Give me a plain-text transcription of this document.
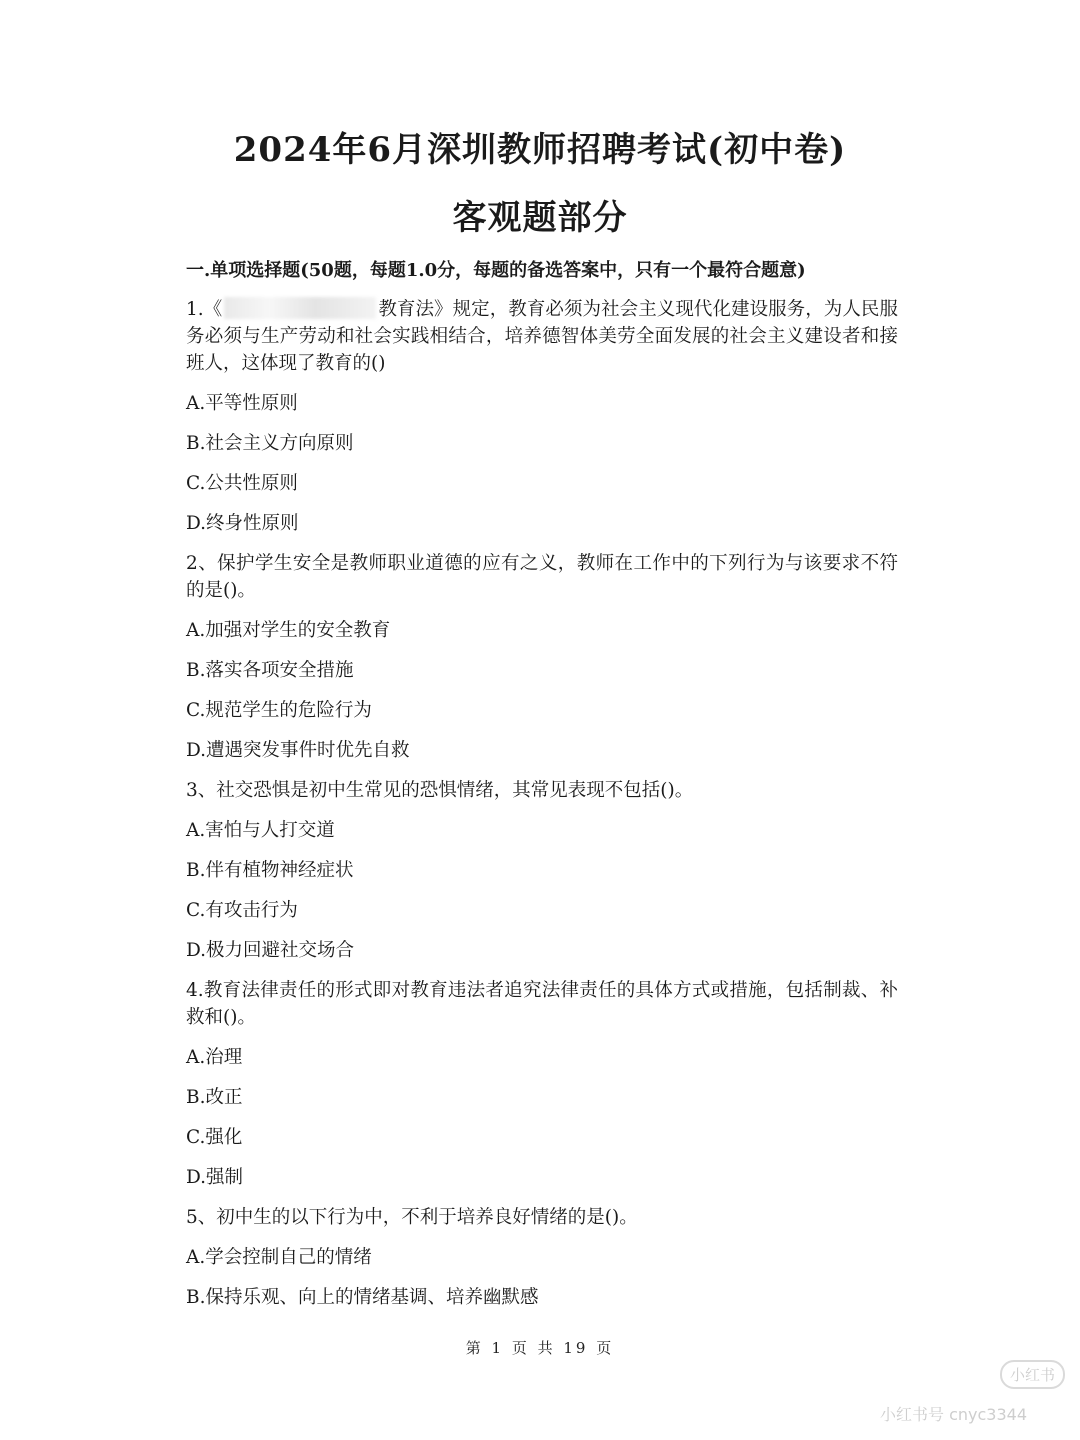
2024年6月深圳教师招聘考试(初中卷)
客观题部分
一.单项选择题(50题，每题1.0分，每题的备选答案中，只有一个最符合题意)
1.《	教育法》规定，教育必须为社会主义现代化建设服务，为人民服务必须与生产劳动和社会实践相结合，培养德智体美劳全面发展的社会主义建设者和接班人，这体现了教育的()
A.平等性原则
B.社会主义方向原则
C.公共性原则
D.终身性原则
2、保护学生安全是教师职业道德的应有之义，教师在工作中的下列行为与该要求不符的是()。
A.加强对学生的安全教育
B.落实各项安全措施
C.规范学生的危险行为
D.遭遇突发事件时优先自救
3、社交恐惧是初中生常见的恐惧情绪，其常见表现不包括()。
A.害怕与人打交道
B.伴有植物神经症状
C.有攻击行为
D.极力回避社交场合
4.教育法律责任的形式即对教育违法者追究法律责任的具体方式或措施，包括制裁、补救和()。
A.治理
B.改正
C.强化
D.强制
5、初中生的以下行为中，不利于培养良好情绪的是()。
A.学会控制自己的情绪
B.保持乐观、向上的情绪基调、培养幽默感
第 1 页 共 19 页
小红书
小红书号 cnyc3344
